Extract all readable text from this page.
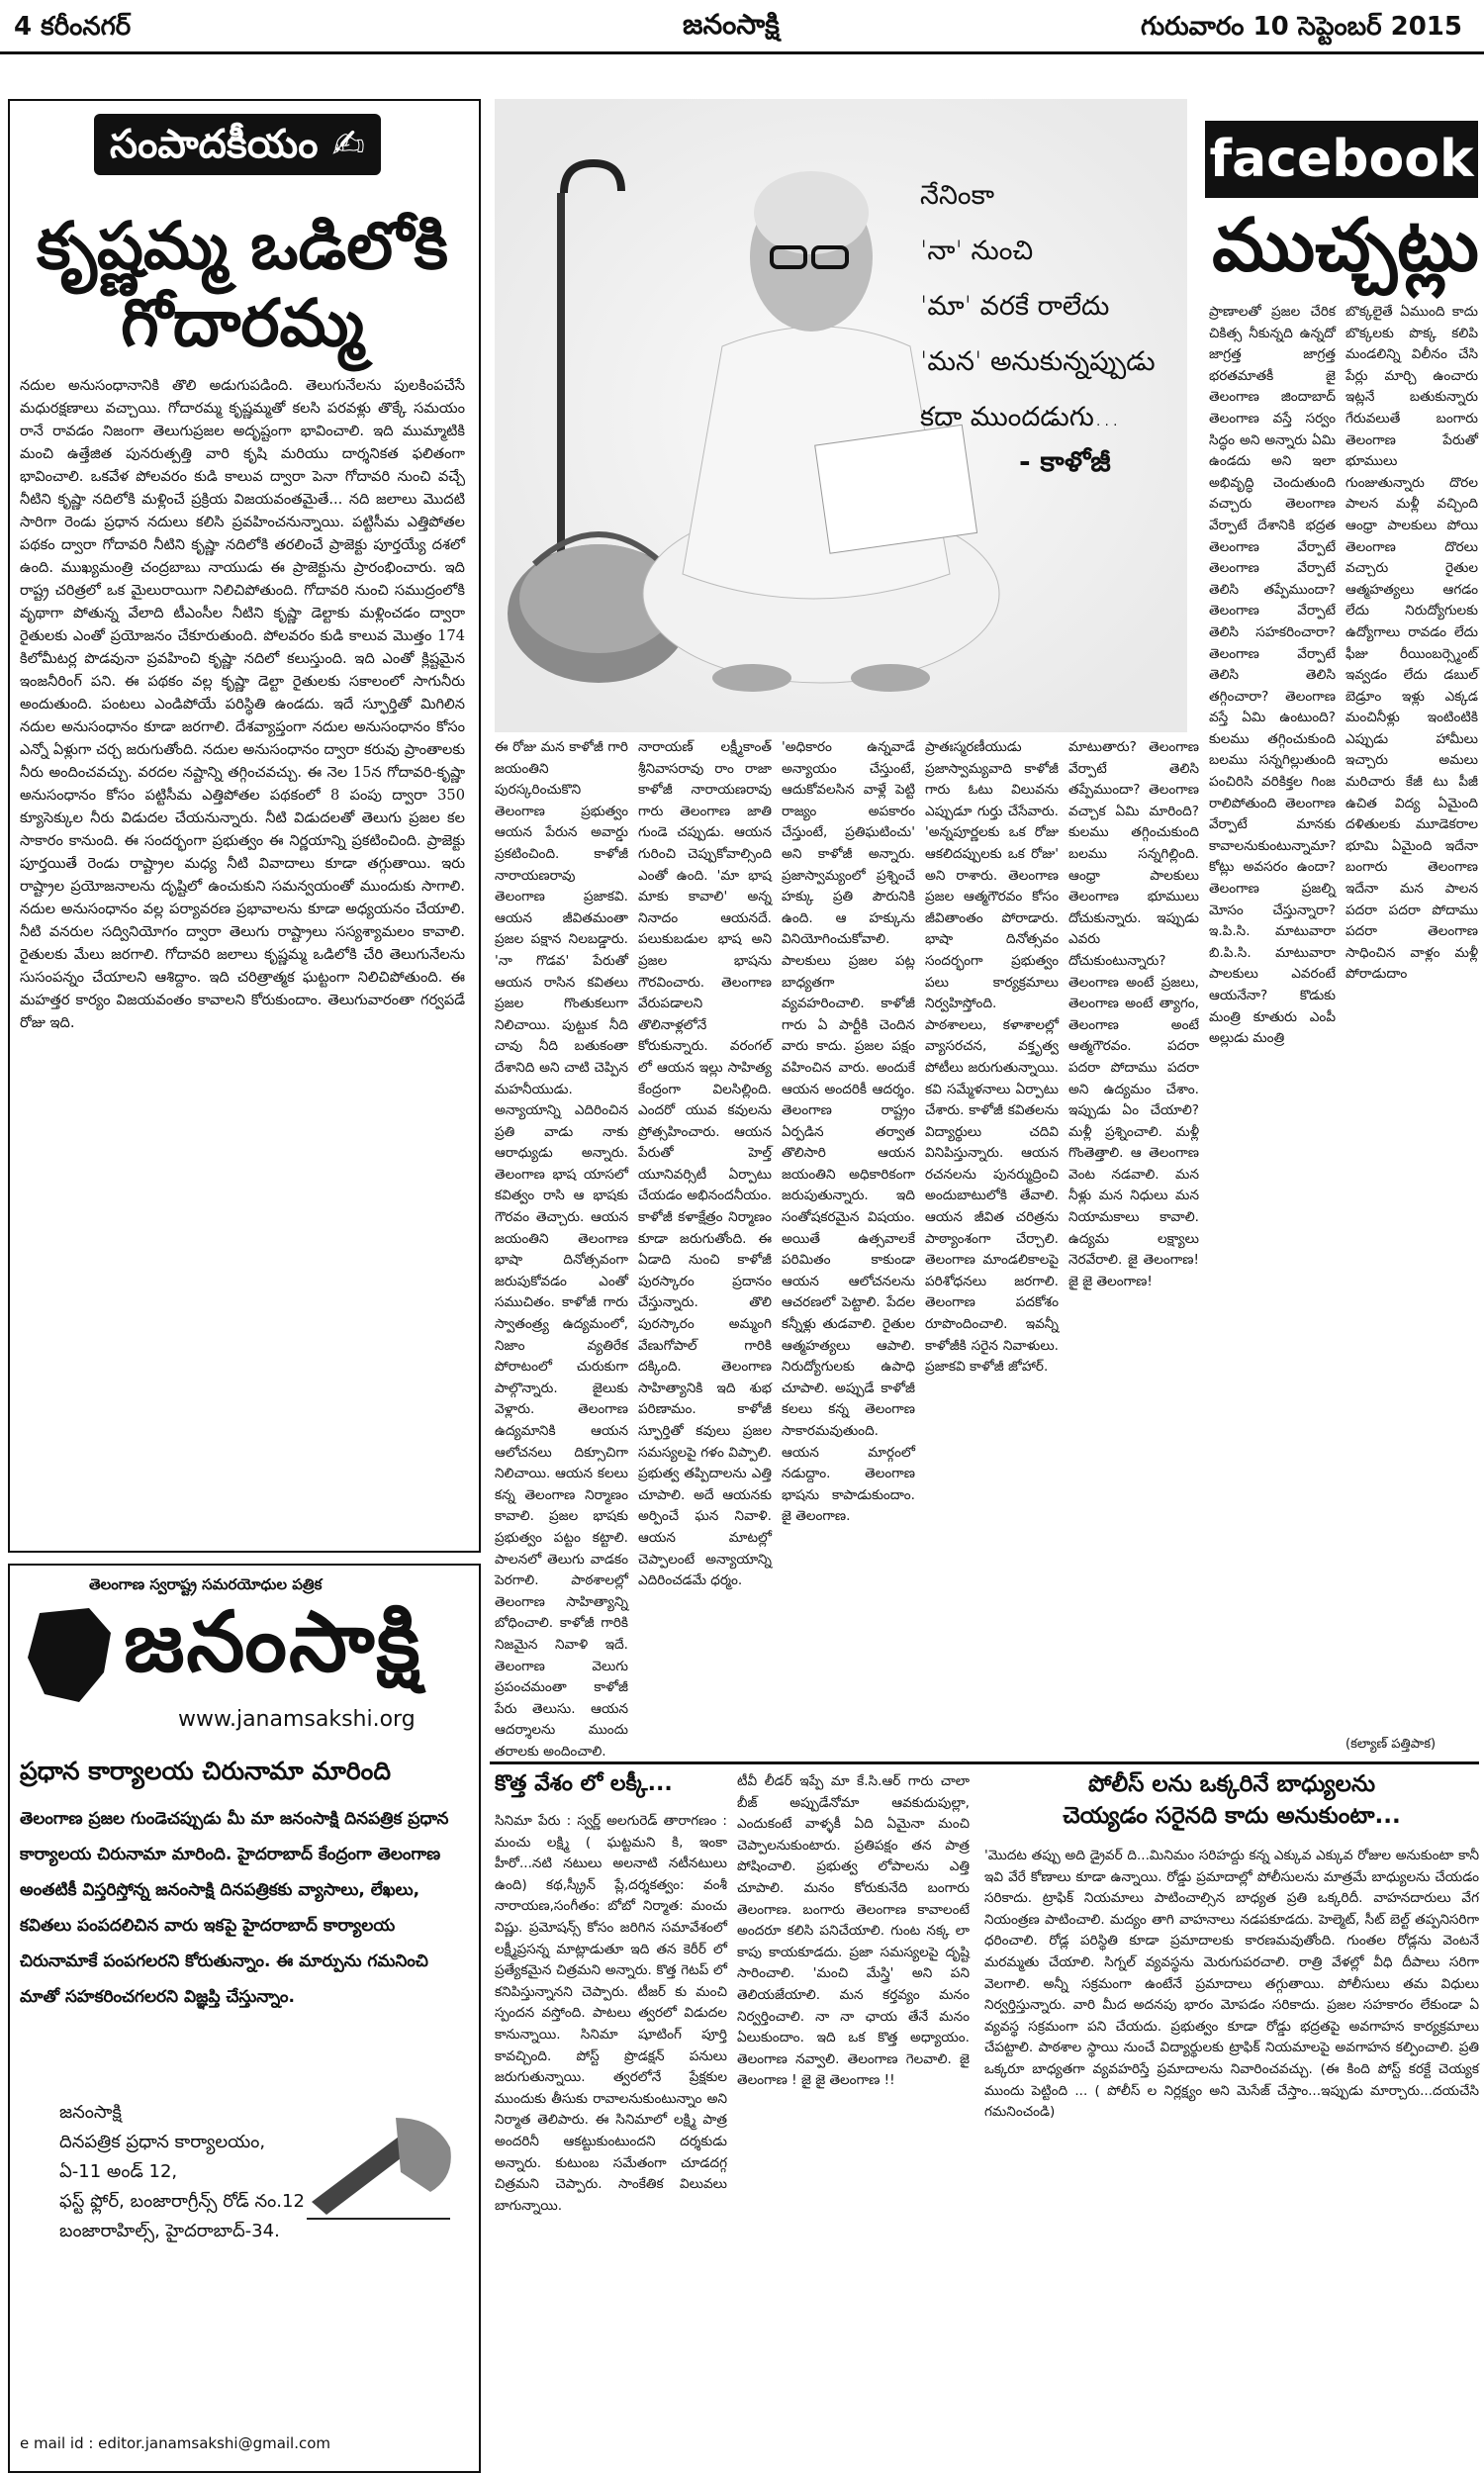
4 కరీంనగర్	జనంసాక్షి	గురువారం 10 సెప్టెంబర్ 2015
సంపాదకీయం ✍
కృష్ణమ్మ ఒడిలోకి
గోదారమ్మ
నదుల అనుసంధానానికి తొలి అడుగుపడింది. తెలుగునేలను పులకింపచేసే మధురక్షణాలు వచ్చాయి. గోదారమ్మ కృష్ణమ్మతో కలసి పరవళ్లు తొక్కే సమయం రానే రావడం నిజంగా తెలుగుప్రజల అదృష్టంగా భావించాలి. ఇది ముమ్మాటికి మంచి ఉత్తేజిత పునరుత్పత్తి వారి కృషి మరియు దార్శనికత ఫలితంగా భావించాలి. ఒకవేళ పోలవరం కుడి కాలువ ద్వారా పెనా గోదావరి నుంచి వచ్చే నీటిని కృష్ణా నదిలోకి మళ్లించే ప్రక్రియ విజయవంతమైతే... నది జలాలు మొదటి సారిగా రెండు ప్రధాన నదులు కలిసి ప్రవహించనున్నాయి. పట్టిసీమ ఎత్తిపోతల పథకం ద్వారా గోదావరి నీటిని కృష్ణా నదిలోకి తరలించే ప్రాజెక్టు పూర్తయ్యే దశలో ఉంది. ముఖ్యమంత్రి చంద్రబాబు నాయుడు ఈ ప్రాజెక్టును ప్రారంభించారు. ఇది రాష్ట్ర చరిత్రలో ఒక మైలురాయిగా నిలిచిపోతుంది. గోదావరి నుంచి సముద్రంలోకి వృథాగా పోతున్న వేలాది టీఎంసీల నీటిని కృష్ణా డెల్టాకు మళ్లించడం ద్వారా రైతులకు ఎంతో ప్రయోజనం చేకూరుతుంది. పోలవరం కుడి కాలువ మొత్తం 174 కిలోమీటర్ల పొడవునా ప్రవహించి కృష్ణా నదిలో కలుస్తుంది. ఇది ఎంతో క్లిష్టమైన ఇంజనీరింగ్ పని. ఈ పథకం వల్ల కృష్ణా డెల్టా రైతులకు సకాలంలో సాగునీరు అందుతుంది. పంటలు ఎండిపోయే పరిస్థితి ఉండదు. ఇదే స్ఫూర్తితో మిగిలిన నదుల అనుసంధానం కూడా జరగాలి. దేశవ్యాప్తంగా నదుల అనుసంధానం కోసం ఎన్నో ఏళ్లుగా చర్చ జరుగుతోంది. నదుల అనుసంధానం ద్వారా కరువు ప్రాంతాలకు నీరు అందించవచ్చు. వరదల నష్టాన్ని తగ్గించవచ్చు. ఈ నెల 15న గోదావరి-కృష్ణా అనుసంధానం కోసం పట్టిసీమ ఎత్తిపోతల పథకంలో 8 పంపు ద్వారా 350 క్యూసెక్కుల నీరు విడుదల చేయనున్నారు. నీటి విడుదలతో తెలుగు ప్రజల కల సాకారం కానుంది. ఈ సందర్భంగా ప్రభుత్వం ఈ నిర్ణయాన్ని ప్రకటించింది. ప్రాజెక్టు పూర్తయితే రెండు రాష్ట్రాల మధ్య నీటి వివాదాలు కూడా తగ్గుతాయి. ఇరు రాష్ట్రాల ప్రయోజనాలను దృష్టిలో ఉంచుకుని సమన్వయంతో ముందుకు సాగాలి. నదుల అనుసంధానం వల్ల పర్యావరణ ప్రభావాలను కూడా అధ్యయనం చేయాలి. నీటి వనరుల సద్వినియోగం ద్వారా తెలుగు రాష్ట్రాలు సస్యశ్యామలం కావాలి. రైతులకు మేలు జరగాలి. గోదావరి జలాలు కృష్ణమ్మ ఒడిలోకి చేరి తెలుగునేలను సుసంపన్నం చేయాలని ఆశిద్దాం. ఇది చరిత్రాత్మక ఘట్టంగా నిలిచిపోతుంది. ఈ మహత్తర కార్యం విజయవంతం కావాలని కోరుకుందాం. తెలుగువారంతా గర్వపడే రోజు ఇది.
నేనింకా
'నా' నుంచి
'మా' వరకే రాలేదు
'మన' అనుకున్నప్పుడు
కదా ముందడుగు...
- కాళోజీ
facebook
ముచ్చట్లు
ప్రాణాలతో ప్రజల చేరిక చికిత్స నీకున్నది ఉన్నదో జాగ్రత్త జాగ్రత్త భరతమాతకీ జై తెలంగాణ జిందాబాద్ తెలంగాణ వస్తే సర్వం సిద్ధం అని అన్నారు ఏమి ఉండదు అని ఇలా అభివృద్ధి చెందుతుంది వచ్చారు తెలంగాణ వేర్పాటే దేశానికి భద్రత తెలంగాణ వేర్పాటే తెలంగాణ వేర్పాటే తెలిసి తప్పేముందా? తెలంగాణ వేర్పాటే తెలిసి సహకరించారా? తెలంగాణ వేర్పాటే తెలిసి తెలిసి తగ్గించారా? తెలంగాణ వస్తే ఏమి ఉంటుంది? కులము తగ్గించుకుంది బలము సన్నగిల్లుతుంది పంచిరిసి వరికిక్తల గింజ రాలిపోతుంది తెలంగాణ వేర్పాటే మానకు కావాలనుకుంటున్నామా? కోట్లు అవసరం ఉందా? తెలంగాణ ప్రజల్ని మోసం చేస్తున్నారా? ఇ.పి.సి. మాటువారా బి.పి.సి. మాటువారా పాలకులు ఎవరంటే ఆయనేనా? కొడుకు మంత్రి కూతురు ఎంపీ అల్లుడు మంత్రి
బొక్కలైతే ఏముంది కాదు బొక్కలకు పొక్క కలిపి మండలిన్ని విలీనం చేసి పేర్లు మార్చి ఉంచారు ఇట్లనే బతుకున్నారు గేరువలుతే బంగారు తెలంగాణ పేరుతో భూములు గుంజుతున్నారు దొరల పాలన మళ్లీ వచ్చింది ఆంధ్రా పాలకులు పోయి తెలంగాణ దొరలు వచ్చారు రైతుల ఆత్మహత్యలు ఆగడం లేదు నిరుద్యోగులకు ఉద్యోగాలు రావడం లేదు ఫీజు రీయింబర్స్మెంట్ ఇవ్వడం లేదు డబుల్ బెడ్రూం ఇళ్లు ఎక్కడ మంచినీళ్లు ఇంటింటికి ఎప్పుడు హామీలు ఇచ్చారు అమలు మరిచారు కేజీ టు పీజీ ఉచిత విద్య ఏమైంది దళితులకు మూడెకరాల భూమి ఏమైంది ఇదేనా బంగారు తెలంగాణ ఇదేనా మన పాలన పదరా పదరా పోదాము పదరా తెలంగాణ సాధించిన వాళ్లం మళ్లీ పోరాడుదాం
(కల్యాణ్ పత్తిపాక)
ఈ రోజు మన కాళోజీ గారి జయంతిని పురస్కరించుకొని తెలంగాణ ప్రభుత్వం ఆయన పేరున అవార్డు ప్రకటించింది. కాళోజీ నారాయణరావు తెలంగాణ ప్రజాకవి. ఆయన జీవితమంతా ప్రజల పక్షాన నిలబడ్డారు. 'నా గొడవ' పేరుతో ఆయన రాసిన కవితలు ప్రజల గొంతుకలుగా నిలిచాయి. పుట్టుక నీది చావు నీది బతుకంతా దేశానిది అని చాటి చెప్పిన మహనీయుడు. అన్యాయాన్ని ఎదిరించిన ప్రతి వాడు నాకు ఆరాధ్యుడు అన్నారు. తెలంగాణ భాష యాసలో కవిత్వం రాసి ఆ భాషకు గౌరవం తెచ్చారు. ఆయన జయంతిని తెలంగాణ భాషా దినోత్సవంగా జరుపుకోవడం ఎంతో సముచితం. కాళోజీ గారు స్వాతంత్ర్య ఉద్యమంలో, నిజాం వ్యతిరేక పోరాటంలో చురుకుగా పాల్గొన్నారు. జైలుకు వెళ్లారు. తెలంగాణ ఉద్యమానికి ఆయన ఆలోచనలు దిక్సూచిగా నిలిచాయి. ఆయన కలలు కన్న తెలంగాణ నిర్మాణం కావాలి. ప్రజల భాషకు ప్రభుత్వం పట్టం కట్టాలి. పాలనలో తెలుగు వాడకం పెరగాలి. పాఠశాలల్లో తెలంగాణ సాహిత్యాన్ని బోధించాలి. కాళోజీ గారికి నిజమైన నివాళి ఇదే. తెలంగాణ వెలుగు ప్రపంచమంతా కాళోజీ పేరు తెలుసు. ఆయన ఆదర్శాలను ముందు తరాలకు అందించాలి.
నారాయణ్ లక్ష్మీకాంత్ శ్రీనివాసరావు రాం రాజా కాళోజీ నారాయణరావు గారు తెలంగాణ జాతి గుండె చప్పుడు. ఆయన గురించి చెప్పుకోవాల్సింది ఎంతో ఉంది. 'మా భాష మాకు కావాలి' అన్న నినాదం ఆయనదే. పలుకుబడుల భాష అని ప్రజల భాషను గౌరవించారు. తెలంగాణ వేరుపడాలని తొలినాళ్లలోనే కోరుకున్నారు. వరంగల్ లో ఆయన ఇల్లు సాహిత్య కేంద్రంగా విలసిల్లింది. ఎందరో యువ కవులను ప్రోత్సహించారు. ఆయన పేరుతో హెల్త్ యూనివర్సిటీ ఏర్పాటు చేయడం అభినందనీయం. కాళోజీ కళాక్షేత్రం నిర్మాణం కూడా జరుగుతోంది. ఈ ఏడాది నుంచి కాళోజీ పురస్కారం ప్రదానం చేస్తున్నారు. తొలి పురస్కారం అమ్మంగి వేణుగోపాల్ గారికి దక్కింది. తెలంగాణ సాహిత్యానికి ఇది శుభ పరిణామం. కాళోజీ స్ఫూర్తితో కవులు ప్రజల సమస్యలపై గళం విప్పాలి. ప్రభుత్వ తప్పిదాలను ఎత్తి చూపాలి. అదే ఆయనకు అర్పించే ఘన నివాళి. ఆయన మాటల్లో చెప్పాలంటే అన్యాయాన్ని ఎదిరించడమే ధర్మం.
'అధికారం ఉన్నవాడే అన్యాయం చేస్తుంటే, ఆదుకోవలసిన వాళ్లే పెట్టి రాజ్యం అపకారం చేస్తుంటే, ప్రతిఘటించు' అని కాళోజీ అన్నారు. ప్రజాస్వామ్యంలో ప్రశ్నించే హక్కు ప్రతి పౌరునికి ఉంది. ఆ హక్కును వినియోగించుకోవాలి. పాలకులు ప్రజల పట్ల బాధ్యతగా వ్యవహరించాలి. కాళోజీ గారు ఏ పార్టీకి చెందిన వారు కాదు. ప్రజల పక్షం వహించిన వారు. అందుకే ఆయన అందరికీ ఆదర్శం. తెలంగాణ రాష్ట్రం ఏర్పడిన తర్వాత తొలిసారి ఆయన జయంతిని అధికారికంగా జరుపుతున్నారు. ఇది సంతోషకరమైన విషయం. అయితే ఉత్సవాలకే పరిమితం కాకుండా ఆయన ఆలోచనలను ఆచరణలో పెట్టాలి. పేదల కన్నీళ్లు తుడవాలి. రైతుల ఆత్మహత్యలు ఆపాలి. నిరుద్యోగులకు ఉపాధి చూపాలి. అప్పుడే కాళోజీ కలలు కన్న తెలంగాణ సాకారమవుతుంది. ఆయన మార్గంలో నడుద్దాం. తెలంగాణ భాషను కాపాడుకుందాం. జై తెలంగాణ.
ప్రాతఃస్మరణీయుడు ప్రజాస్వామ్యవాది కాళోజీ గారు ఓటు విలువను ఎప్పుడూ గుర్తు చేసేవారు. 'అన్నపూర్ణలకు ఒక రోజు ఆకలిదప్పులకు ఒక రోజు' అని రాశారు. తెలంగాణ ప్రజల ఆత్మగౌరవం కోసం జీవితాంతం పోరాడారు. భాషా దినోత్సవం సందర్భంగా ప్రభుత్వం పలు కార్యక్రమాలు నిర్వహిస్తోంది. పాఠశాలలు, కళాశాలల్లో వ్యాసరచన, వక్తృత్వ పోటీలు జరుగుతున్నాయి. కవి సమ్మేళనాలు ఏర్పాటు చేశారు. కాళోజీ కవితలను విద్యార్థులు చదివి వినిపిస్తున్నారు. ఆయన రచనలను పునర్ముద్రించి అందుబాటులోకి తేవాలి. ఆయన జీవిత చరిత్రను పాఠ్యాంశంగా చేర్చాలి. తెలంగాణ మాండలికాలపై పరిశోధనలు జరగాలి. తెలంగాణ పదకోశం రూపొందించాలి. ఇవన్నీ కాళోజీకి సరైన నివాళులు. ప్రజాకవి కాళోజీ జోహార్.
మాటుతారు? తెలంగాణ వేర్పాటే తెలిసి తప్పేముందా? తెలంగాణ వచ్చాక ఏమి మారింది? కులము తగ్గించుకుంది బలము సన్నగిల్లింది. ఆంధ్రా పాలకులు తెలంగాణ భూములు దోచుకున్నారు. ఇప్పుడు ఎవరు దోచుకుంటున్నారు? తెలంగాణ అంటే ప్రజలు, తెలంగాణ అంటే త్యాగం, తెలంగాణ అంటే ఆత్మగౌరవం. పదరా పదరా పోదాము పదరా అని ఉద్యమం చేశాం. ఇప్పుడు ఏం చేయాలి? మళ్లీ ప్రశ్నించాలి. మళ్లీ గొంతెత్తాలి. ఆ తెలంగాణ వెంట నడవాలి. మన నీళ్లు మన నిధులు మన నియామకాలు కావాలి. ఉద్యమ లక్ష్యాలు నెరవేరాలి. జై తెలంగాణ! జై జై తెలంగాణ!
తెలంగాణ స్వరాష్ట్ర సమరయోధుల పత్రిక
జనంసాక్షి
www.janamsakshi.org
ప్రధాన కార్యాలయ చిరునామా మారింది
తెలంగాణ ప్రజల గుండెచప్పుడు మీ మా జనంసాక్షి దినపత్రిక ప్రధాన కార్యాలయ చిరునామా మారింది. హైదరాబాద్ కేంద్రంగా తెలంగాణ అంతటికీ విస్తరిస్తోన్న జనంసాక్షి దినపత్రికకు వ్యాసాలు, లేఖలు, కవితలు పంపదలిచిన వారు ఇకపై హైదరాబాద్ కార్యాలయ చిరునామాకే పంపగలరని కోరుతున్నాం. ఈ మార్పును గమనించి మాతో సహకరించగలరని విజ్ఞప్తి చేస్తున్నాం.
జనంసాక్షి
దినపత్రిక ప్రధాన కార్యాలయం,
ఏ-11 అండ్ 12,
ఫస్ట్ ఫ్లోర్, బంజారాగ్రీన్స్ రోడ్ నం.12
బంజారాహిల్స్, హైదరాబాద్-34.
e mail id : editor.janamsakshi@gmail.com
కొత్త వేశం లో లక్కీ...
సినిమా పేరు : స్వర్ణ్ అలగురెడ్ తారాగణం : మంచు లక్ష్మి ( ఘట్టమని కి, ఇంకా హీరో...నటి నటులు అలనాటి నటీనటులు ఉంది) కథ,స్క్రీన్ ప్లే,దర్శకత్వం: వంశీ నారాయణ,సంగీతం: బోబో నిర్మాత: మంచు విష్ణు. ప్రమోషన్స్ కోసం జరిగిన సమావేశంలో లక్ష్మీప్రసన్న మాట్లాడుతూ ఇది తన కెరీర్ లో ప్రత్యేకమైన చిత్రమని అన్నారు. కొత్త గెటప్ లో కనిపిస్తున్నానని చెప్పారు. టీజర్ కు మంచి స్పందన వస్తోంది. పాటలు త్వరలో విడుదల కానున్నాయి. సినిమా షూటింగ్ పూర్తి కావచ్చింది. పోస్ట్ ప్రొడక్షన్ పనులు జరుగుతున్నాయి. త్వరలోనే ప్రేక్షకుల ముందుకు తీసుకు రావాలనుకుంటున్నాం అని నిర్మాత తెలిపారు. ఈ సినిమాలో లక్ష్మి పాత్ర అందరినీ ఆకట్టుకుంటుందని దర్శకుడు అన్నారు. కుటుంబ సమేతంగా చూడదగ్గ చిత్రమని చెప్పారు. సాంకేతిక విలువలు బాగున్నాయి.
టీవీ లీడర్ ఇప్పే మా కే.సి.ఆర్ గారు చాలా బీజ్ అప్పుడేనోమా ఆవకుదుపుల్లా, ఎందుకంటే వాళ్ళకీ ఏది ఏమైనా మంచి చెప్పాలనుకుంటారు. ప్రతిపక్షం తన పాత్ర పోషించాలి. ప్రభుత్వ లోపాలను ఎత్తి చూపాలి. మనం కోరుకునేది బంగారు తెలంగాణ. బంగారు తెలంగాణ కావాలంటే అందరూ కలిసి పనిచేయాలి. గుంట నక్క లా కాపు కాయకూడదు. ప్రజా సమస్యలపై దృష్టి సారించాలి. 'మంచి మేస్త్రి' అని పని తెలియజేయాలి. మన కర్తవ్యం మనం నిర్వర్తించాలి. నా నా ఛాయ తేనే మనం ఏలుకుందాం. ఇది ఒక కొత్త అధ్యాయం. తెలంగాణ నవ్వాలి. తెలంగాణ గెలవాలి. జై తెలంగాణ ! జై జై తెలంగాణ !!
పోలీస్ లను ఒక్కరినే బాధ్యులను
చెయ్యడం సరైనది కాదు అనుకుంటా...
'మొదట తప్పు అది డ్రైవర్ ది...మినిమం సరిహద్దు కన్న ఎక్కువ ఎక్కువ రోజుల అనుకుంటా కానీ ఇవి వేరే కోణాలు కూడా ఉన్నాయి. రోడ్డు ప్రమాదాల్లో పోలీసులను మాత్రమే బాధ్యులను చేయడం సరికాదు. ట్రాఫిక్ నియమాలు పాటించాల్సిన బాధ్యత ప్రతి ఒక్కరిదీ. వాహనదారులు వేగ నియంత్రణ పాటించాలి. మద్యం తాగి వాహనాలు నడపకూడదు. హెల్మెట్, సీట్ బెల్ట్ తప్పనిసరిగా ధరించాలి. రోడ్ల పరిస్థితి కూడా ప్రమాదాలకు కారణమవుతోంది. గుంతల రోడ్లను వెంటనే మరమ్మతు చేయాలి. సిగ్నల్ వ్యవస్థను మెరుగుపరచాలి. రాత్రి వేళల్లో వీధి దీపాలు సరిగా వెలగాలి. అన్నీ సక్రమంగా ఉంటేనే ప్రమాదాలు తగ్గుతాయి. పోలీసులు తమ విధులు నిర్వర్తిస్తున్నారు. వారి మీద అదనపు భారం మోపడం సరికాదు. ప్రజల సహకారం లేకుండా ఏ వ్యవస్థ సక్రమంగా పని చేయదు. ప్రభుత్వం కూడా రోడ్డు భద్రతపై అవగాహన కార్యక్రమాలు చేపట్టాలి. పాఠశాల స్థాయి నుంచే విద్యార్థులకు ట్రాఫిక్ నియమాలపై అవగాహన కల్పించాలి. ప్రతి ఒక్కరూ బాధ్యతగా వ్యవహరిస్తే ప్రమాదాలను నివారించవచ్చు. (ఈ కింది పోస్ట్ కరక్టే చెయ్యక ముందు పెట్టింది ... ( పోలీస్ ల నిర్లక్ష్యం అని మెసేజ్ చేస్తాం...ఇప్పుడు మార్చారు...దయచేసి గమనించండి)
